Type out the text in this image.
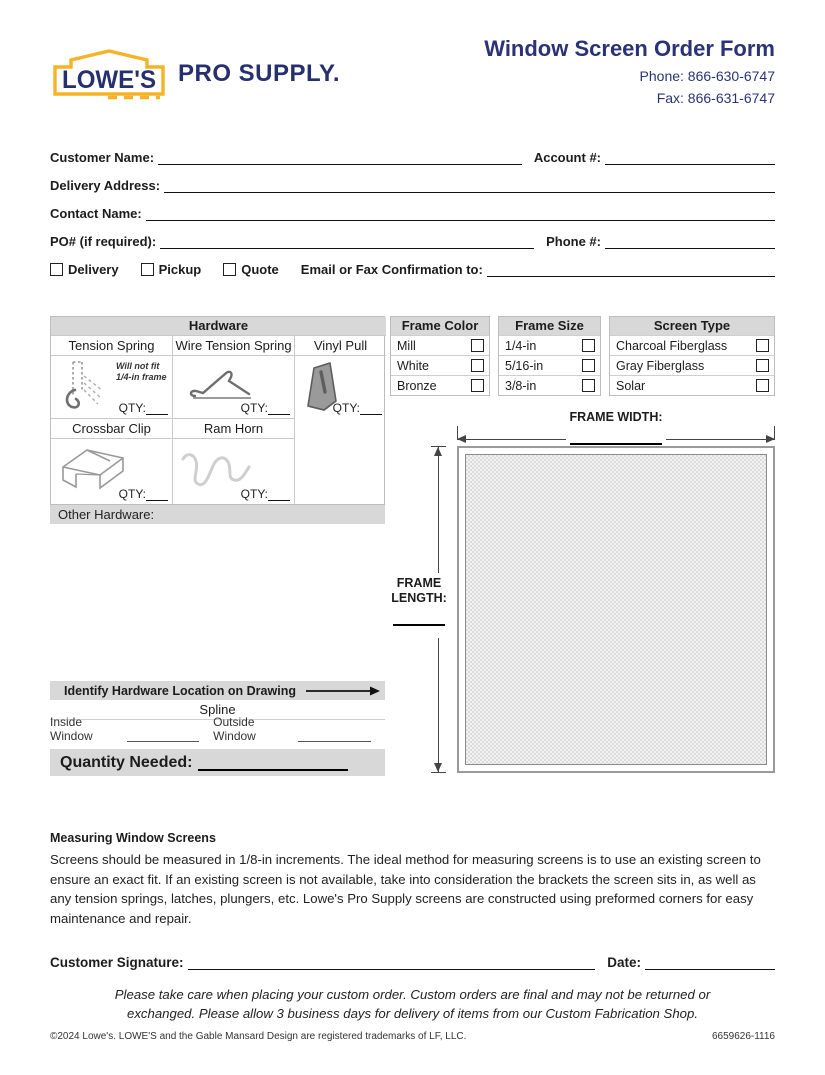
LOWE'S PRO SUPPLY.
Window Screen Order Form
Phone: 866-630-6747
Fax: 866-631-6747
Customer Name:	Account #:
Delivery Address:
Contact Name:
PO# (if required):	Phone #:
Delivery	Pickup	Quote Email or Fax Confirmation to:
Hardware
Tension Spring	Wire Tension Spring	Vinyl Pull
Will not fit 1/4-in frame
QTY:	QTY:	QTY:
Crossbar Clip	Ram Horn
QTY:	QTY:
Other Hardware:
Identify Hardware Location on Drawing
Spline
Inside Window
Outside Window
Quantity Needed:
Frame Color
Mill
White
Bronze
Frame Size
1/4-in
5/16-in
3/8-in
Screen Type
Charcoal Fiberglass
Gray Fiberglass
Solar
FRAME WIDTH:
FRAME
LENGTH:
Measuring Window Screens
Screens should be measured in 1/8-in increments. The ideal method for measuring screens is to use an existing screen to ensure an exact fit. If an existing screen is not available, take into consideration the brackets the screen sits in, as well as any tension springs, latches, plungers, etc. Lowe's Pro Supply screens are constructed using preformed corners for easy maintenance and repair.
Customer Signature:	Date:
Please take care when placing your custom order. Custom orders are final and may not be returned or exchanged. Please allow 3 business days for delivery of items from our Custom Fabrication Shop.
©2024 Lowe's. LOWE'S and the Gable Mansard Design are registered trademarks of LF, LLC.	6659626-1116
